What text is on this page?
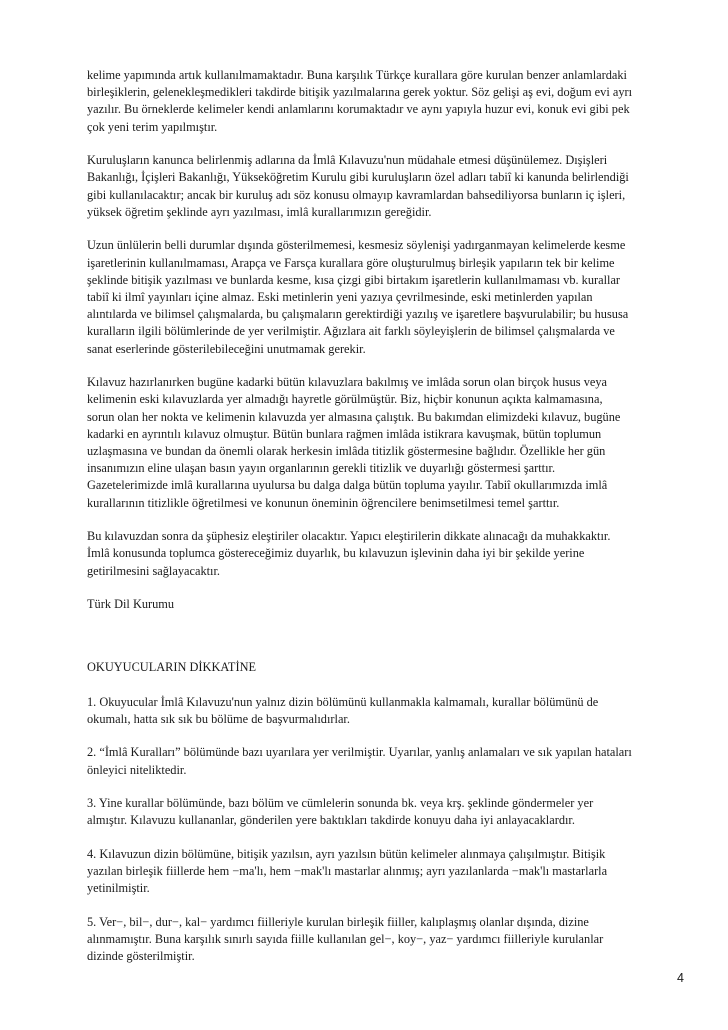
kelime yapımında artık kullanılmamaktadır. Buna karşılık Türkçe kurallara göre kurulan benzer anlamlardaki
birleşiklerin, gelenekleşmedikleri takdirde bitişik yazılmalarına gerek yoktur. Söz gelişi aş evi, doğum evi ayrı
yazılır. Bu örneklerde kelimeler kendi anlamlarını korumaktadır ve aynı yapıyla huzur evi, konuk evi gibi pek
çok yeni terim yapılmıştır.

Kuruluşların kanunca belirlenmiş adlarına da İmlâ Kılavuzu'nun müdahale etmesi düşünülemez. Dışişleri
Bakanlığı, İçişleri Bakanlığı, Yükseköğretim Kurulu gibi kuruluşların özel adları tabiî ki kanunda belirlendiği
gibi kullanılacaktır; ancak bir kuruluş adı söz konusu olmayıp kavramlardan bahsediliyorsa bunların iç işleri,
yüksek öğretim şeklinde ayrı yazılması, imlâ kurallarımızın gereğidir.

Uzun ünlülerin belli durumlar dışında gösterilmemesi, kesmesiz söylenişi yadırganmayan kelimelerde kesme
işaretlerinin kullanılmaması, Arapça ve Farsça kurallara göre oluşturulmuş birleşik yapıların tek bir kelime
şeklinde bitişik yazılması ve bunlarda kesme, kısa çizgi gibi birtakım işaretlerin kullanılmaması vb. kurallar
tabiî ki ilmî yayınları içine almaz. Eski metinlerin yeni yazıya çevrilmesinde, eski metinlerden yapılan
alıntılarda ve bilimsel çalışmalarda, bu çalışmaların gerektirdiği yazılış ve işaretlere başvurulabilir; bu hususa
kuralların ilgili bölümlerinde de yer verilmiştir. Ağızlara ait farklı söyleyişlerin de bilimsel çalışmalarda ve
sanat eserlerinde gösterilebileceğini unutmamak gerekir.

Kılavuz hazırlanırken bugüne kadarki bütün kılavuzlara bakılmış ve imlâda sorun olan birçok husus veya
kelimenin eski kılavuzlarda yer almadığı hayretle görülmüştür. Biz, hiçbir konunun açıkta kalmamasına,
sorun olan her nokta ve kelimenin kılavuzda yer almasına çalıştık. Bu bakımdan elimizdeki kılavuz, bugüne
kadarki en ayrıntılı kılavuz olmuştur. Bütün bunlara rağmen imlâda istikrara kavuşmak, bütün toplumun
uzlaşmasına ve bundan da önemli olarak herkesin imlâda titizlik göstermesine bağlıdır. Özellikle her gün
insanımızın eline ulaşan basın yayın organlarının gerekli titizlik ve duyarlığı göstermesi şarttır.
Gazetelerimizde imlâ kurallarına uyulursa bu dalga dalga bütün topluma yayılır. Tabiî okullarımızda imlâ
kurallarının titizlikle öğretilmesi ve konunun öneminin öğrencilere benimsetilmesi temel şarttır.

Bu kılavuzdan sonra da şüphesiz eleştiriler olacaktır. Yapıcı eleştirilerin dikkate alınacağı da muhakkaktır.
İmlâ konusunda toplumca göstereceğimiz duyarlık, bu kılavuzun işlevinin daha iyi bir şekilde yerine
getirilmesini sağlayacaktır.

Türk Dil Kurumu

OKUYUCULARIN DİKKATİNE

1. Okuyucular İmlâ Kılavuzu'nun yalnız dizin bölümünü kullanmakla kalmamalı, kurallar bölümünü de
okumalı, hatta sık sık bu bölüme de başvurmalıdırlar.

2. “İmlâ Kuralları” bölümünde bazı uyarılara yer verilmiştir. Uyarılar, yanlış anlamaları ve sık yapılan hataları
önleyici niteliktedir.

3. Yine kurallar bölümünde, bazı bölüm ve cümlelerin sonunda bk. veya krş. şeklinde göndermeler yer
almıştır. Kılavuzu kullananlar, gönderilen yere baktıkları takdirde konuyu daha iyi anlayacaklardır.

4. Kılavuzun dizin bölümüne, bitişik yazılsın, ayrı yazılsın bütün kelimeler alınmaya çalışılmıştır. Bitişik
yazılan birleşik fiillerde hem −ma'lı, hem −mak'lı mastarlar alınmış; ayrı yazılanlarda −mak'lı mastarlarla
yetinilmiştir.

5. Ver−, bil−, dur−, kal− yardımcı fiilleriyle kurulan birleşik fiiller, kalıplaşmış olanlar dışında, dizine
alınmamıştır. Buna karşılık sınırlı sayıda fiille kullanılan gel−, koy−, yaz− yardımcı fiilleriyle kurulanlar
dizinde gösterilmiştir.

4
